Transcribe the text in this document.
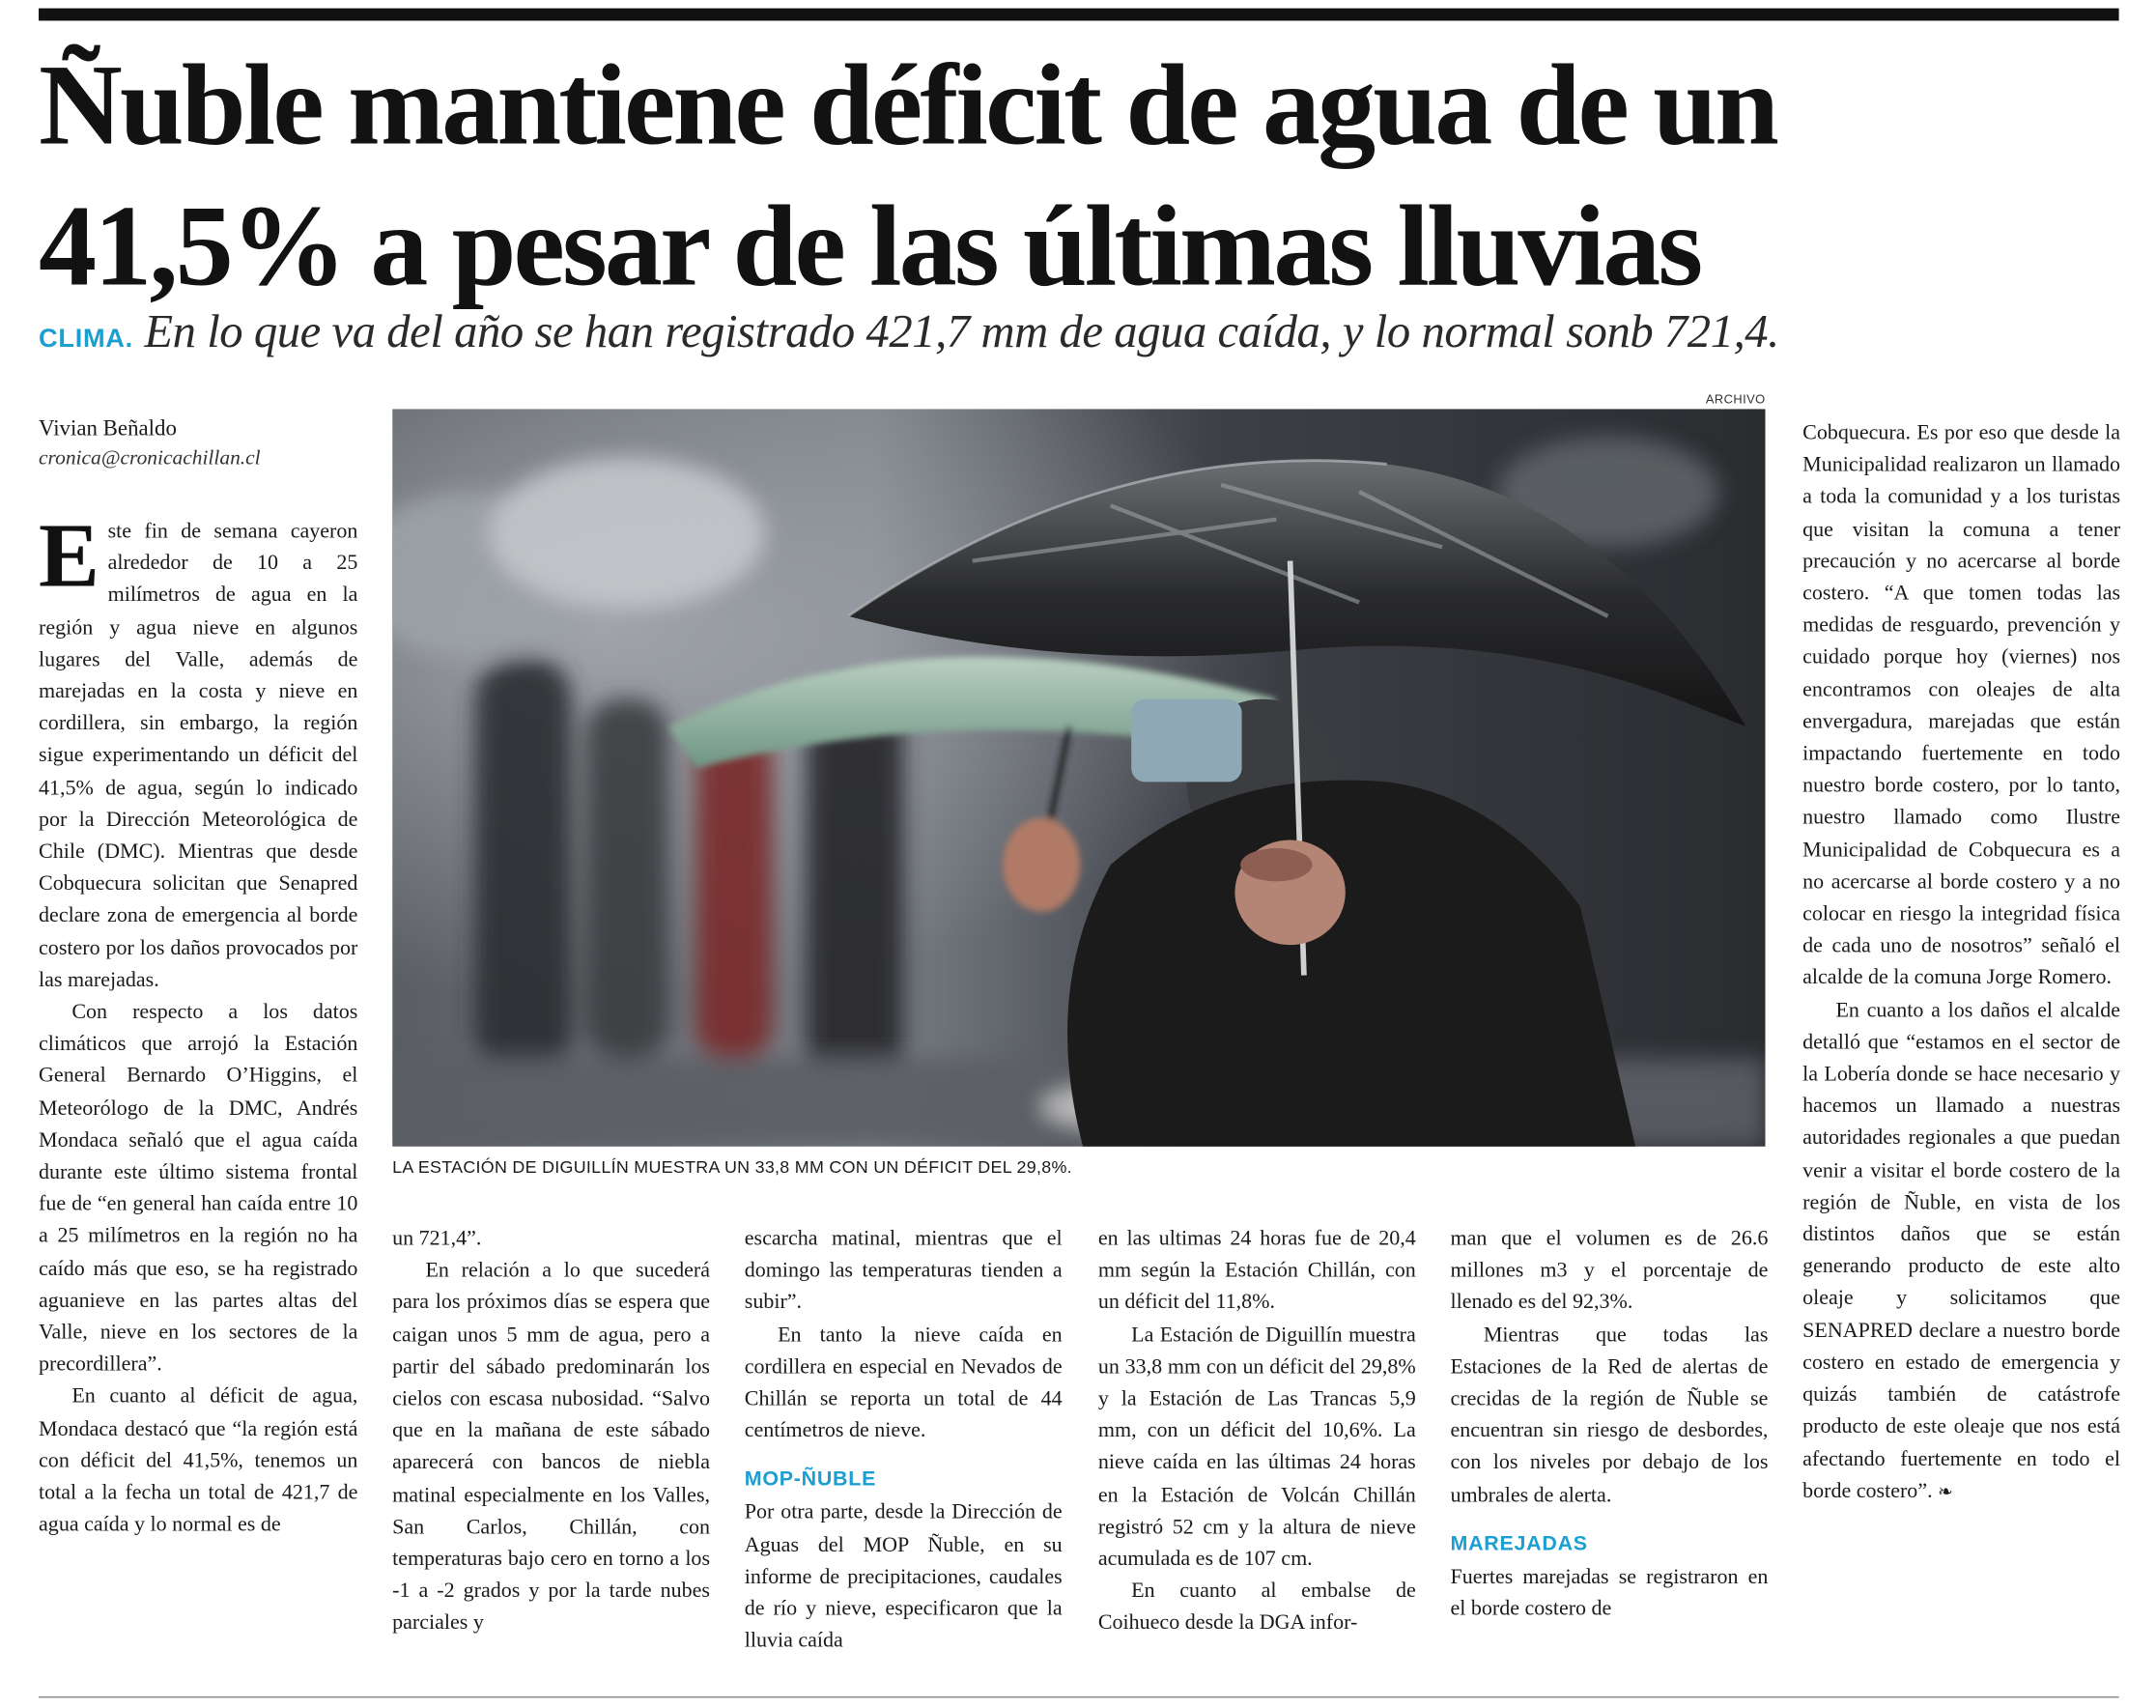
Ñuble mantiene déficit de agua de un
41,5% a pesar de las últimas lluvias
CLIMA. En lo que va del año se han registrado 421,7 mm de agua caída, y lo normal sonb 721,4.
Vivian Beñaldo
cronica@cronicachillan.cl

Este fin de semana cayeron alrededor de 10 a 25 milímetros de agua en la región y agua nieve en algunos lugares del Valle, además de marejadas en la costa y nieve en cordillera, sin embargo, la región sigue experimentando un déficit del 41,5% de agua, según lo indicado por la Dirección Meteorológica de Chile (DMC). Mientras que desde Cobquecura solicitan que Senapred declare zona de emergencia al borde costero por los daños provocados por las marejadas.

Con respecto a los datos climáticos que arrojó la Estación General Bernardo O’Higgins, el Meteorólogo de la DMC, Andrés Mondaca señaló que el agua caída durante este último sistema frontal fue de “en general han caída entre 10 a 25 milímetros en la región no ha caído más que eso, se ha registrado aguanieve en las partes altas del Valle, nieve en los sectores de la precordillera”.

En cuanto al déficit de agua, Mondaca destacó que “la región está con déficit del 41,5%, tenemos un total a la fecha un total de 421,7 de agua caída y lo normal es de

ARCHIVO
LA ESTACIÓN DE DIGUILLÍN MUESTRA UN 33,8 MM CON UN DÉFICIT DEL 29,8%.

un 721,4”.

En relación a lo que sucederá para los próximos días se espera que caigan unos 5 mm de agua, pero a partir del sábado predominarán los cielos con escasa nubosidad. “Salvo que en la mañana de este sábado aparecerá con bancos de niebla matinal especialmente en los Valles, San Carlos, Chillán, con temperaturas bajo cero en torno a los -1 a -2 grados y por la tarde nubes parciales y

escarcha matinal, mientras que el domingo las temperaturas tienden a subir”.

En tanto la nieve caída en cordillera en especial en Nevados de Chillán se reporta un total de 44 centímetros de nieve.

MOP-ÑUBLE

Por otra parte, desde la Dirección de Aguas del MOP Ñuble, en su informe de precipitaciones, caudales de río y nieve, especificaron que la lluvia caída

en las ultimas 24 horas fue de 20,4 mm según la Estación Chillán, con un déficit del 11,8%.

La Estación de Diguillín muestra un 33,8 mm con un déficit del 29,8% y la Estación de Las Trancas 5,9 mm, con un déficit del 10,6%. La nieve caída en las últimas 24 horas en la Estación de Volcán Chillán registró 52 cm y la altura de nieve acumulada es de 107 cm.

En cuanto al embalse de Coihueco desde la DGA infor-

man que el volumen es de 26.6 millones m3 y el porcentaje de llenado es del 92,3%.

Mientras que todas las Estaciones de la Red de alertas de crecidas de la región de Ñuble se encuentran sin riesgo de desbordes, con los niveles por debajo de los umbrales de alerta.

MAREJADAS

Fuertes marejadas se registraron en el borde costero de

Cobquecura. Es por eso que desde la Municipalidad realizaron un llamado a toda la comunidad y a los turistas que visitan la comuna a tener precaución y no acercarse al borde costero. “A que tomen todas las medidas de resguardo, prevención y cuidado porque hoy (viernes) nos encontramos con oleajes de alta envergadura, marejadas que están impactando fuertemente en todo nuestro borde costero, por lo tanto, nuestro llamado como Ilustre Municipalidad de Cobquecura es a no acercarse al borde costero y a no colocar en riesgo la integridad física de cada uno de nosotros” señaló el alcalde de la comuna Jorge Romero.

En cuanto a los daños el alcalde detalló que “estamos en el sector de la Lobería donde se hace necesario y hacemos un llamado a nuestras autoridades regionales a que puedan venir a visitar el borde costero de la región de Ñuble, en vista de los distintos daños que se están generando producto de este alto oleaje y solicitamos que SENAPRED declare a nuestro borde costero en estado de emergencia y quizás también de catástrofe producto de este oleaje que nos está afectando fuertemente en todo el borde costero”. ❧
